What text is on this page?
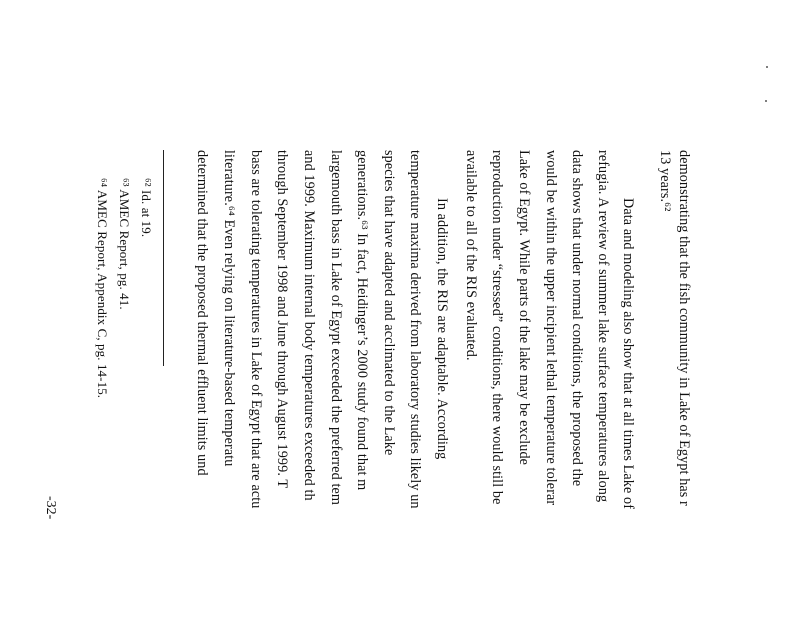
demonstrating that the fish community in Lake of Egypt has r
13 years.⁶²
Data and modeling also show that at all times Lake of
refugia. A review of summer lake surface temperatures along
data shows that under normal conditions, the proposed the
would be within the upper incipient lethal temperature tolerar
Lake of Egypt. While parts of the lake may be exclude
reproduction under “stressed” conditions, there would still be
available to all of the RIS evaluated.
In addition, the RIS are adaptable. According
temperature maxima derived from laboratory studies likely un
species that have adapted and acclimated to the Lake
generations.⁶³ In fact, Heidinger’s 2000 study found that m
largemouth bass in Lake of Egypt exceeded the preferred tem
and 1999. Maximum internal body temperatures exceeded th
through September 1998 and June through August 1999. T
bass are tolerating temperatures in Lake of Egypt that are actu
literature.⁶⁴ Even relying on literature-based temperatu
determined that the proposed thermal effluent limits und
⁶² Id. at 19.
⁶³ AMEC Report, pg. 41.
⁶⁴ AMEC Report, Appendix C, pg. 14-15.
-32-
